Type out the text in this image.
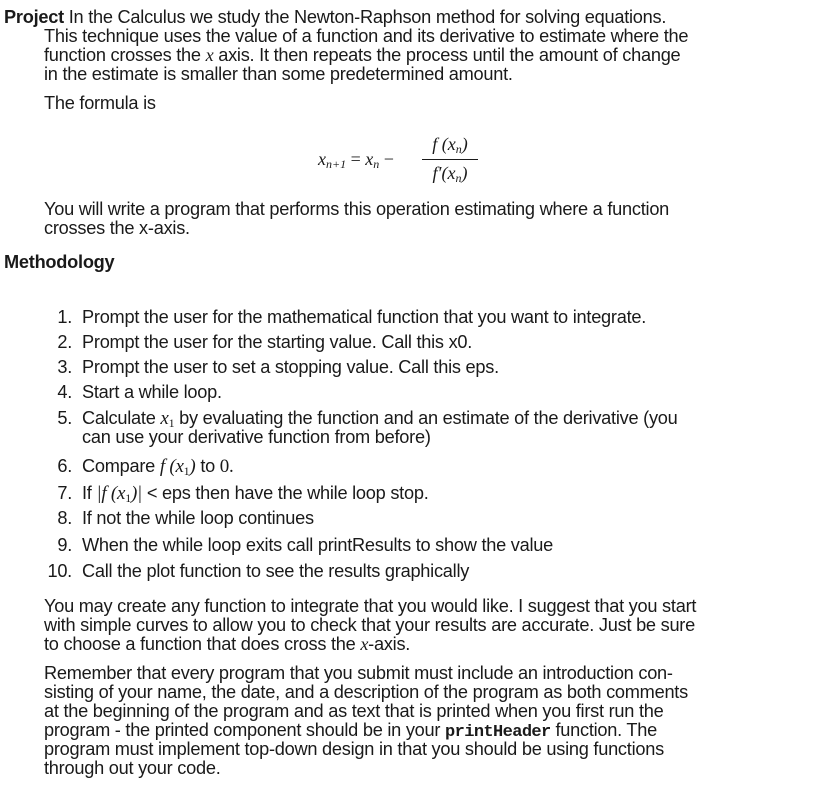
Project In the Calculus we study the Newton-Raphson method for solving equations.
This technique uses the value of a function and its derivative to estimate where the
function crosses the x axis. It then repeats the process until the amount of change
in the estimate is smaller than some predetermined amount.
The formula is
$x_{n+1} = x_n$ −
f $(x_n)$
$f'(x_n)$
You will write a program that performs this operation estimating where a function
crosses the x-axis.
Methodology
1. Prompt the user for the mathematical function that you want to integrate.
2. Prompt the user for the starting value. Call this x0.
3. Prompt the user to set a stopping value. Call this eps.
4. Start a while loop.
5. Calculate $x_1$ by evaluating the function and an estimate of the derivative (you
can use your derivative function from before)
6. Compare f $(x_1)$ to 0.
7. If |f $(x_1)|$ < eps then have the while loop stop.
8. If not the while loop continues
9. When the while loop exits call printResults to show the value
10. Call the plot function to see the results graphically
You may create any function to integrate that you would like. I suggest that you start
with simple curves to allow you to check that your results are accurate. Just be sure
to choose a function that does cross the x-axis.
Remember that every program that you submit must include an introduction con-
sisting of your name, the date, and a description of the program as both comments
at the beginning of the program and as text that is printed when you first run the
program - the printed component should be in your printHeader function. The
program must implement top-down design in that you should be using functions
through out your code.
